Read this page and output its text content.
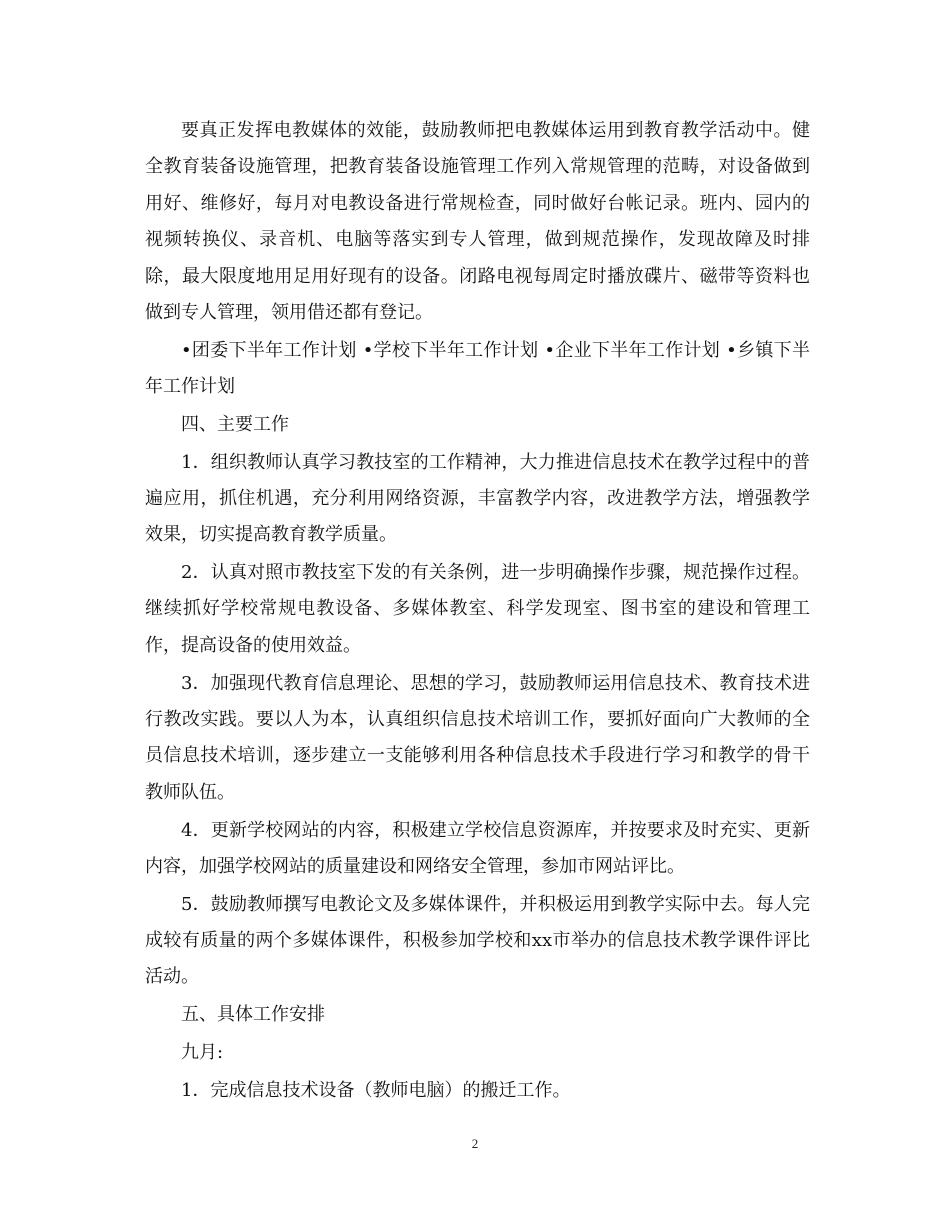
要真正发挥电教媒体的效能，鼓励教师把电教媒体运用到教育教学活动中。健全教育装备设施管理，把教育装备设施管理工作列入常规管理的范畴，对设备做到用好、维修好，每月对电教设备进行常规检查，同时做好台帐记录。班内、园内的视频转换仪、录音机、电脑等落实到专人管理，做到规范操作，发现故障及时排除，最大限度地用足用好现有的设备。闭路电视每周定时播放碟片、磁带等资料也做到专人管理，领用借还都有登记。

•团委下半年工作计划 •学校下半年工作计划 •企业下半年工作计划 •乡镇下半年工作计划

四、主要工作

1．组织教师认真学习教技室的工作精神，大力推进信息技术在教学过程中的普遍应用，抓住机遇，充分利用网络资源，丰富教学内容，改进教学方法，增强教学效果，切实提高教育教学质量。

2．认真对照市教技室下发的有关条例，进一步明确操作步骤，规范操作过程。继续抓好学校常规电教设备、多媒体教室、科学发现室、图书室的建设和管理工作，提高设备的使用效益。

3．加强现代教育信息理论、思想的学习，鼓励教师运用信息技术、教育技术进行教改实践。要以人为本，认真组织信息技术培训工作，要抓好面向广大教师的全员信息技术培训，逐步建立一支能够利用各种信息技术手段进行学习和教学的骨干教师队伍。

4．更新学校网站的内容，积极建立学校信息资源库，并按要求及时充实、更新内容，加强学校网站的质量建设和网络安全管理，参加市网站评比。

5．鼓励教师撰写电教论文及多媒体课件，并积极运用到教学实际中去。每人完成较有质量的两个多媒体课件，积极参加学校和xx市举办的信息技术教学课件评比活动。

五、具体工作安排

九月:

1．完成信息技术设备（教师电脑）的搬迁工作。

2
